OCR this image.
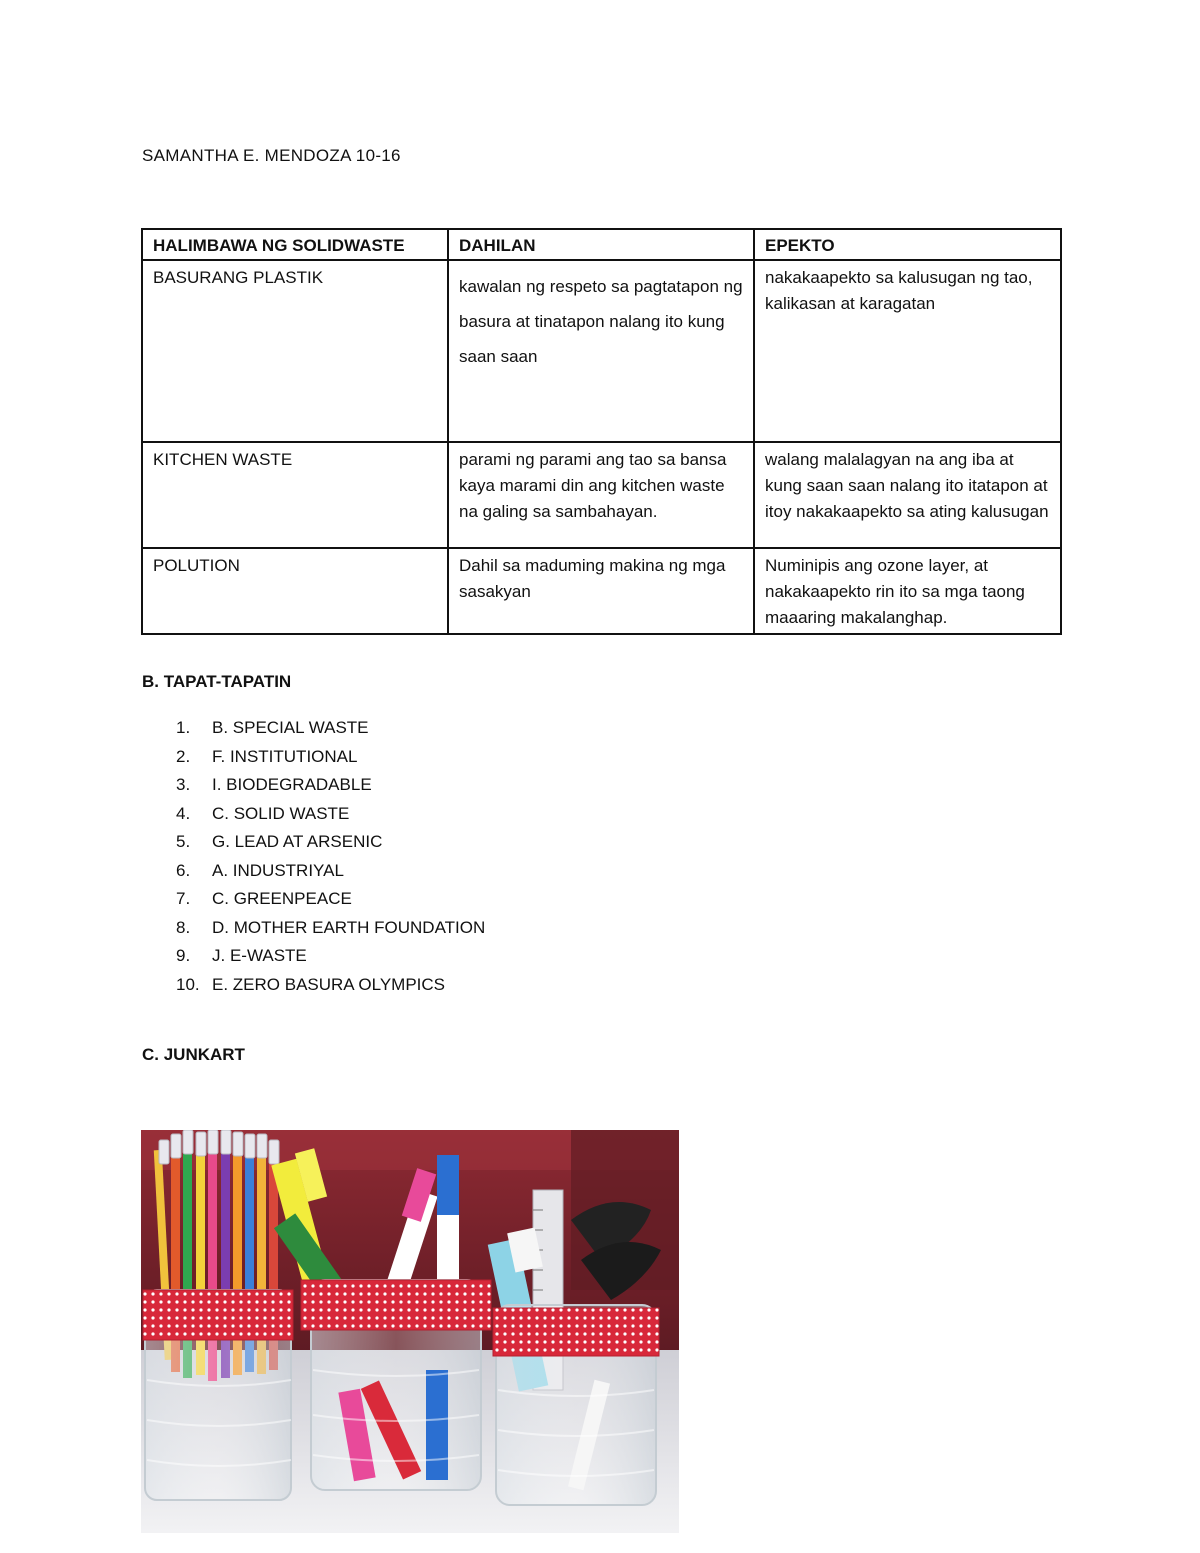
SAMANTHA E. MENDOZA 10-16
HALIMBAWA NG SOLIDWASTE	DAHILAN	EPEKTO
BASURANG PLASTIK	kawalan ng respeto sa pagtatapon ng basura at tinatapon nalang ito kung saan saan	nakakaapekto sa kalusugan ng tao, kalikasan at karagatan
KITCHEN WASTE	parami ng parami ang tao sa bansa kaya marami din ang kitchen waste na galing sa sambahayan.	walang malalagyan na ang iba at kung saan saan nalang ito itatapon at itoy nakakaapekto sa ating kalusugan
POLUTION	Dahil sa maduming makina ng mga sasakyan	Numinipis ang ozone layer, at nakakaapekto rin ito sa mga taong maaaring makalanghap.
B. TAPAT-TAPATIN
1.	B. SPECIAL WASTE
2.	F. INSTITUTIONAL
3.	I. BIODEGRADABLE
4.	C. SOLID WASTE
5.	G. LEAD AT ARSENIC
6.	A. INDUSTRIYAL
7.	C. GREENPEACE
8.	D. MOTHER EARTH FOUNDATION
9.	J. E-WASTE
10. E. ZERO BASURA OLYMPICS
C. JUNKART
